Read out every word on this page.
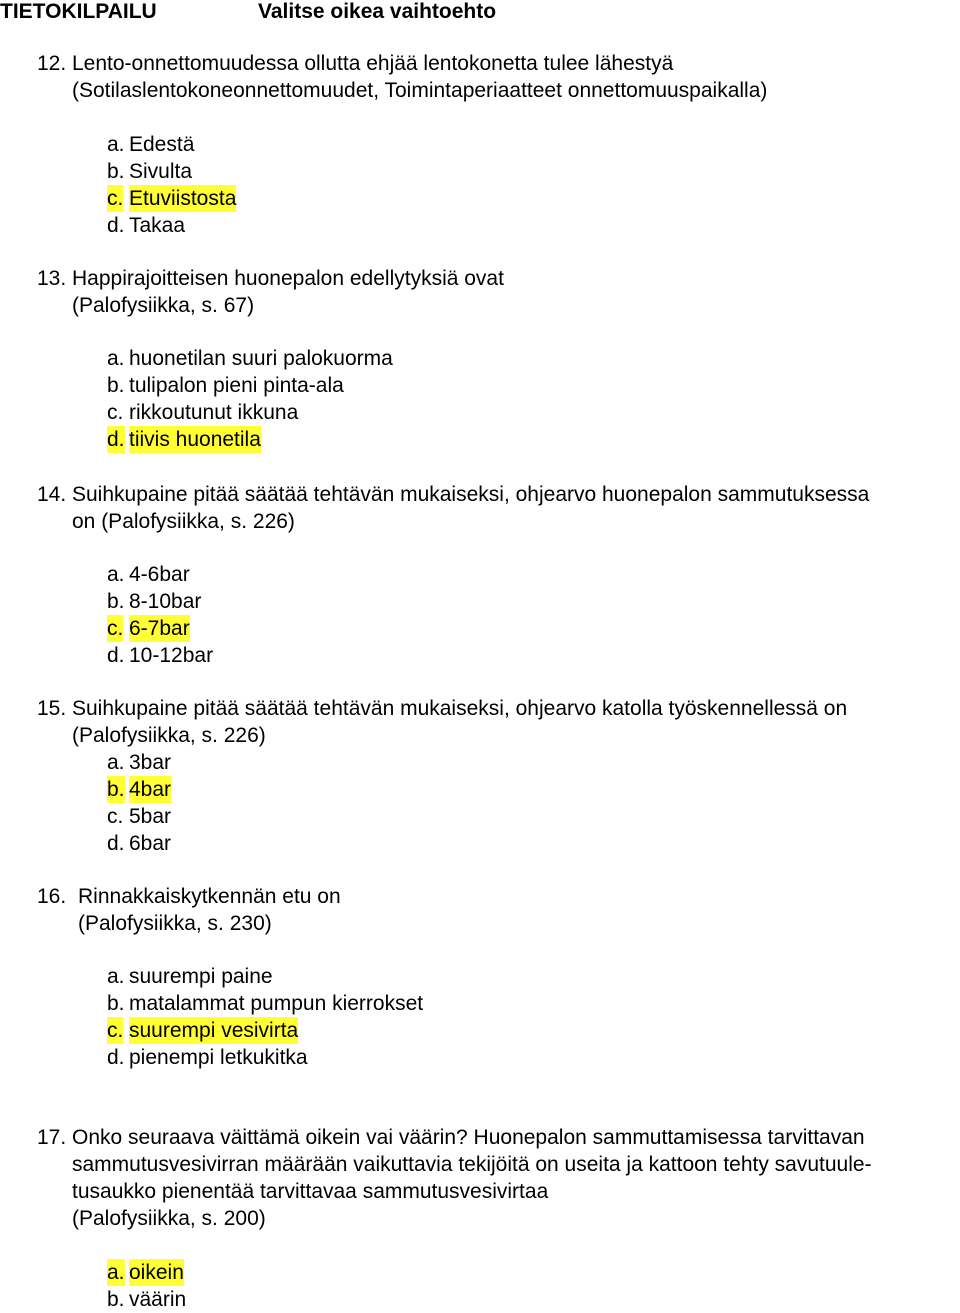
TIETOKILPAILU	Valitse oikea vaihtoehto
12. Lento-onnettomuudessa ollutta ehjää lentokonetta tulee lähestyä
(Sotilaslentokoneonnettomuudet, Toimintaperiaatteet onnettomuuspaikalla)
a. Edestä
b. Sivulta
c. Etuviistosta
d. Takaa
13. Happirajoitteisen huonepalon edellytyksiä ovat
(Palofysiikka, s. 67)
a. huonetilan suuri palokuorma
b. tulipalon pieni pinta-ala
c. rikkoutunut ikkuna
d. tiivis huonetila
14. Suihkupaine pitää säätää tehtävän mukaiseksi, ohjearvo huonepalon sammutuksessa
on (Palofysiikka, s. 226)
a. 4-6bar
b. 8-10bar
c. 6-7bar
d. 10-12bar
15. Suihkupaine pitää säätää tehtävän mukaiseksi, ohjearvo katolla työskennellessä on
(Palofysiikka, s. 226)
a. 3bar
b. 4bar
c. 5bar
d. 6bar
16. Rinnakkaiskytkennän etu on
(Palofysiikka, s. 230)
a. suurempi paine
b. matalammat pumpun kierrokset
c. suurempi vesivirta
d. pienempi letkukitka
17. Onko seuraava väittämä oikein vai väärin? Huonepalon sammuttamisessa tarvittavan
sammutusvesivirran määrään vaikuttavia tekijöitä on useita ja kattoon tehty savutuule-
tusaukko pienentää tarvittavaa sammutusvesivirtaa
(Palofysiikka, s. 200)
a. oikein
b. väärin
